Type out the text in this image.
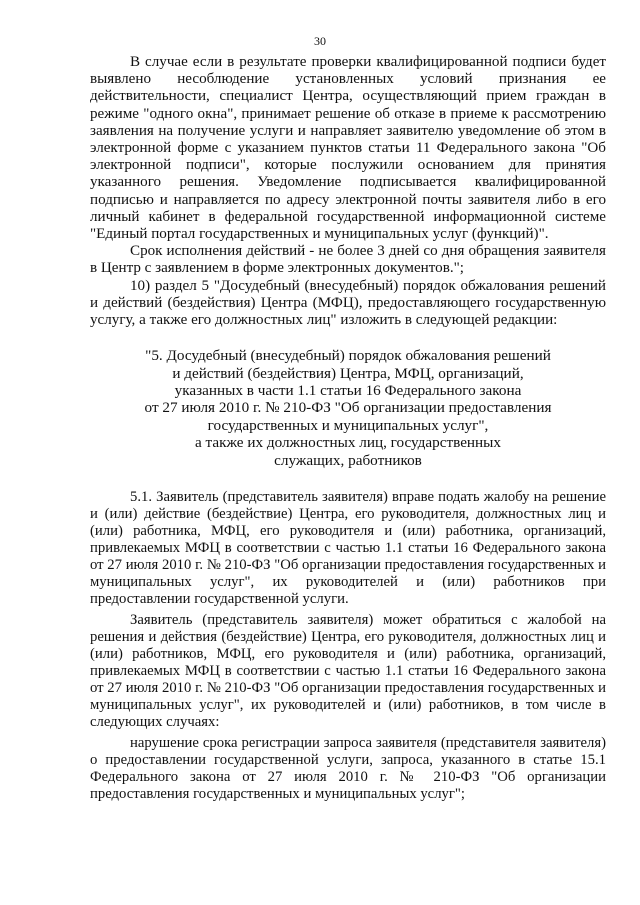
30

В случае если в результате проверки квалифицированной подписи будет выявлено несоблюдение установленных условий признания ее действительности, специалист Центра, осуществляющий прием граждан в режиме "одного окна", принимает решение об отказе в приеме к рассмотрению заявления на получение услуги и направляет заявителю уведомление об этом в электронной форме с указанием пунктов статьи 11 Федерального закона "Об электронной подписи", которые послужили основанием для принятия указанного решения. Уведомление подписывается квалифицированной подписью и направляется по адресу электронной почты заявителя либо в его личный кабинет в федеральной государственной информационной системе "Единый портал государственных и муниципальных услуг (функций)".

Срок исполнения действий - не более 3 дней со дня обращения заявителя в Центр с заявлением в форме электронных документов.";

10) раздел 5 "Досудебный (внесудебный) порядок обжалования решений и действий (бездействия) Центра (МФЦ), предоставляющего государственную услугу, а также его должностных лиц" изложить в следующей редакции:

"5. Досудебный (внесудебный) порядок обжалования решений
и действий (бездействия) Центра, МФЦ, организаций,
указанных в части 1.1 статьи 16 Федерального закона
от 27 июля 2010 г. № 210-ФЗ "Об организации предоставления
государственных и муниципальных услуг",
а также их должностных лиц, государственных
служащих, работников

5.1. Заявитель (представитель заявителя) вправе подать жалобу на решение и (или) действие (бездействие) Центра, его руководителя, должностных лиц и (или) работника, МФЦ, его руководителя и (или) работника, организаций, привлекаемых МФЦ в соответствии с частью 1.1 статьи 16 Федерального закона от 27 июля 2010 г. № 210-ФЗ "Об организации предоставления государственных и муниципальных услуг", их руководителей и (или) работников при предоставлении государственной услуги.

Заявитель (представитель заявителя) может обратиться с жалобой на решения и действия (бездействие) Центра, его руководителя, должностных лиц и (или) работников, МФЦ, его руководителя и (или) работника, организаций, привлекаемых МФЦ в соответствии с частью 1.1 статьи 16 Федерального закона от 27 июля 2010 г. № 210-ФЗ "Об организации предоставления государственных и муниципальных услуг", их руководителей и (или) работников, в том числе в следующих случаях:

нарушение срока регистрации запроса заявителя (представителя заявителя) о предоставлении государственной услуги, запроса, указанного в статье 15.1 Федерального закона от 27 июля 2010 г. № 210-ФЗ "Об организации предоставления государственных и муниципальных услуг";
